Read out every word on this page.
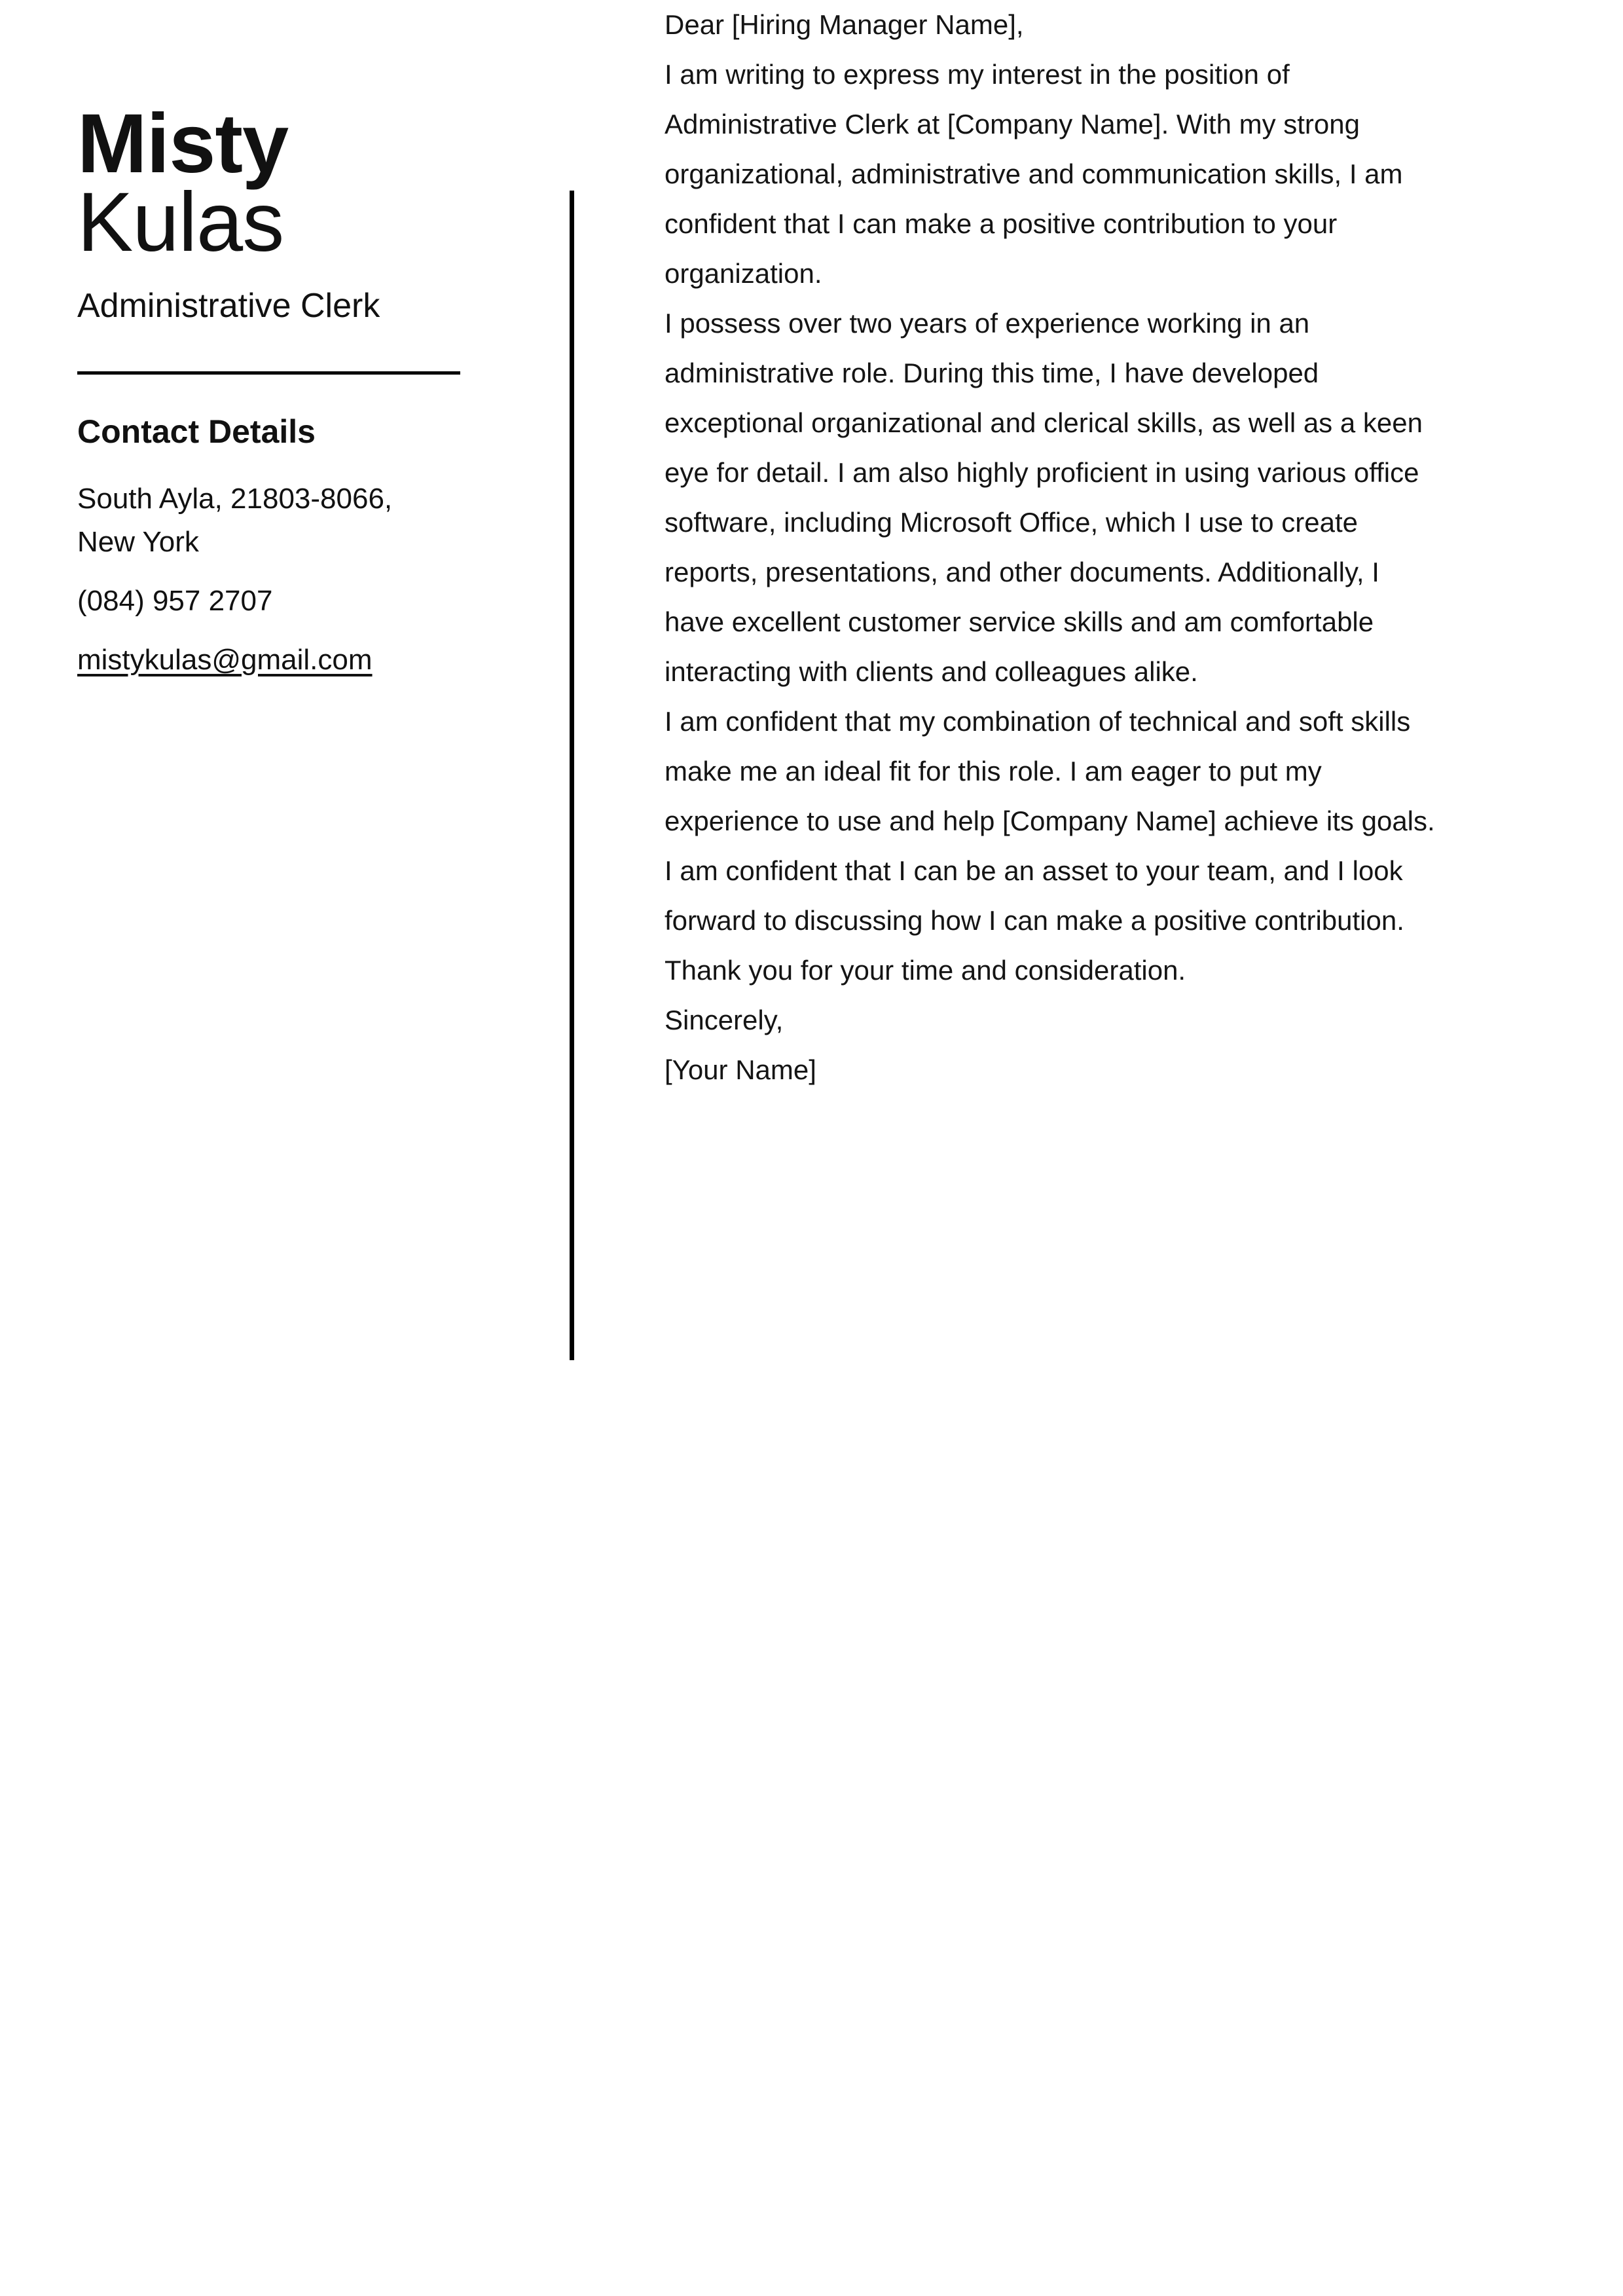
Misty
Kulas
Administrative Clerk
Contact Details
South Ayla, 21803-8066,
New York
(084) 957 2707
mistykulas@gmail.com

Dear [Hiring Manager Name],

I am writing to express my interest in the position of
Administrative Clerk at [Company Name]. With my strong
organizational, administrative and communication skills, I am
confident that I can make a positive contribution to your
organization.

I possess over two years of experience working in an
administrative role. During this time, I have developed
exceptional organizational and clerical skills, as well as a keen
eye for detail. I am also highly proficient in using various office
software, including Microsoft Office, which I use to create
reports, presentations, and other documents. Additionally, I
have excellent customer service skills and am comfortable
interacting with clients and colleagues alike.

I am confident that my combination of technical and soft skills
make me an ideal fit for this role. I am eager to put my
experience to use and help [Company Name] achieve its goals.
I am confident that I can be an asset to your team, and I look
forward to discussing how I can make a positive contribution.

Thank you for your time and consideration.

Sincerely,
[Your Name]
